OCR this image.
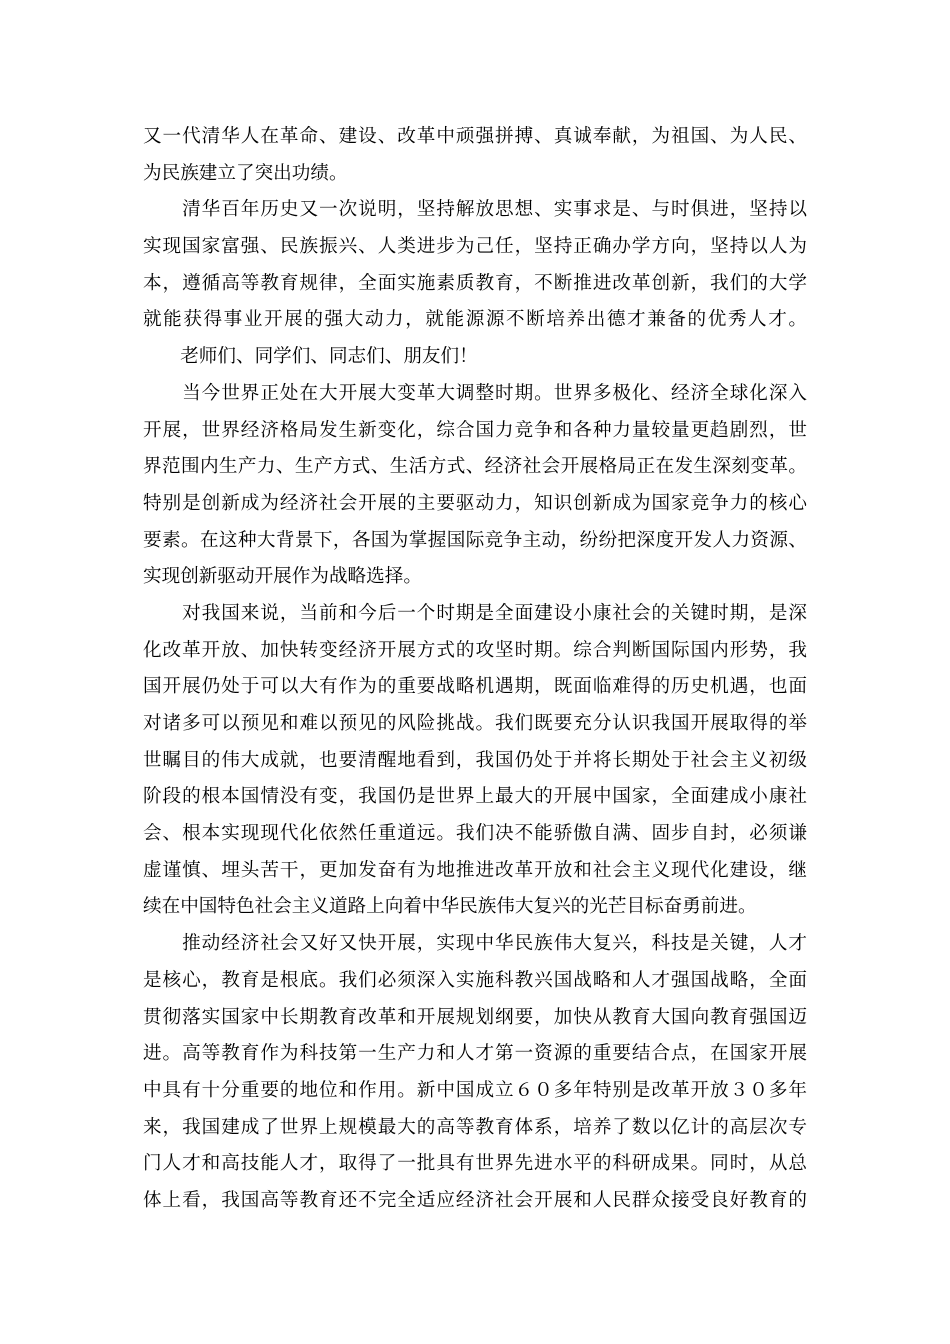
又一代清华人在革命、建设、改革中顽强拼搏、真诚奉献，为祖国、为人民、
为民族建立了突出功绩。
　　清华百年历史又一次说明，坚持解放思想、实事求是、与时俱进，坚持以
实现国家富强、民族振兴、人类进步为己任，坚持正确办学方向，坚持以人为
本，遵循高等教育规律，全面实施素质教育，不断推进改革创新，我们的大学
就能获得事业开展的强大动力，就能源源不断培养出德才兼备的优秀人才。
　　老师们、同学们、同志们、朋友们！
　　当今世界正处在大开展大变革大调整时期。世界多极化、经济全球化深入
开展，世界经济格局发生新变化，综合国力竞争和各种力量较量更趋剧烈，世
界范围内生产力、生产方式、生活方式、经济社会开展格局正在发生深刻变革。
特别是创新成为经济社会开展的主要驱动力，知识创新成为国家竞争力的核心
要素。在这种大背景下，各国为掌握国际竞争主动，纷纷把深度开发人力资源、
实现创新驱动开展作为战略选择。
　　对我国来说，当前和今后一个时期是全面建设小康社会的关键时期，是深
化改革开放、加快转变经济开展方式的攻坚时期。综合判断国际国内形势，我
国开展仍处于可以大有作为的重要战略机遇期，既面临难得的历史机遇，也面
对诸多可以预见和难以预见的风险挑战。我们既要充分认识我国开展取得的举
世瞩目的伟大成就，也要清醒地看到，我国仍处于并将长期处于社会主义初级
阶段的根本国情没有变，我国仍是世界上最大的开展中国家，全面建成小康社
会、根本实现现代化依然任重道远。我们决不能骄傲自满、固步自封，必须谦
虚谨慎、埋头苦干，更加发奋有为地推进改革开放和社会主义现代化建设，继
续在中国特色社会主义道路上向着中华民族伟大复兴的光芒目标奋勇前进。
　　推动经济社会又好又快开展，实现中华民族伟大复兴，科技是关键，人才
是核心，教育是根底。我们必须深入实施科教兴国战略和人才强国战略，全面
贯彻落实国家中长期教育改革和开展规划纲要，加快从教育大国向教育强国迈
进。高等教育作为科技第一生产力和人才第一资源的重要结合点，在国家开展
中具有十分重要的地位和作用。新中国成立６０多年特别是改革开放３０多年
来，我国建成了世界上规模最大的高等教育体系，培养了数以亿计的高层次专
门人才和高技能人才，取得了一批具有世界先进水平的科研成果。同时，从总
体上看，我国高等教育还不完全适应经济社会开展和人民群众接受良好教育的
